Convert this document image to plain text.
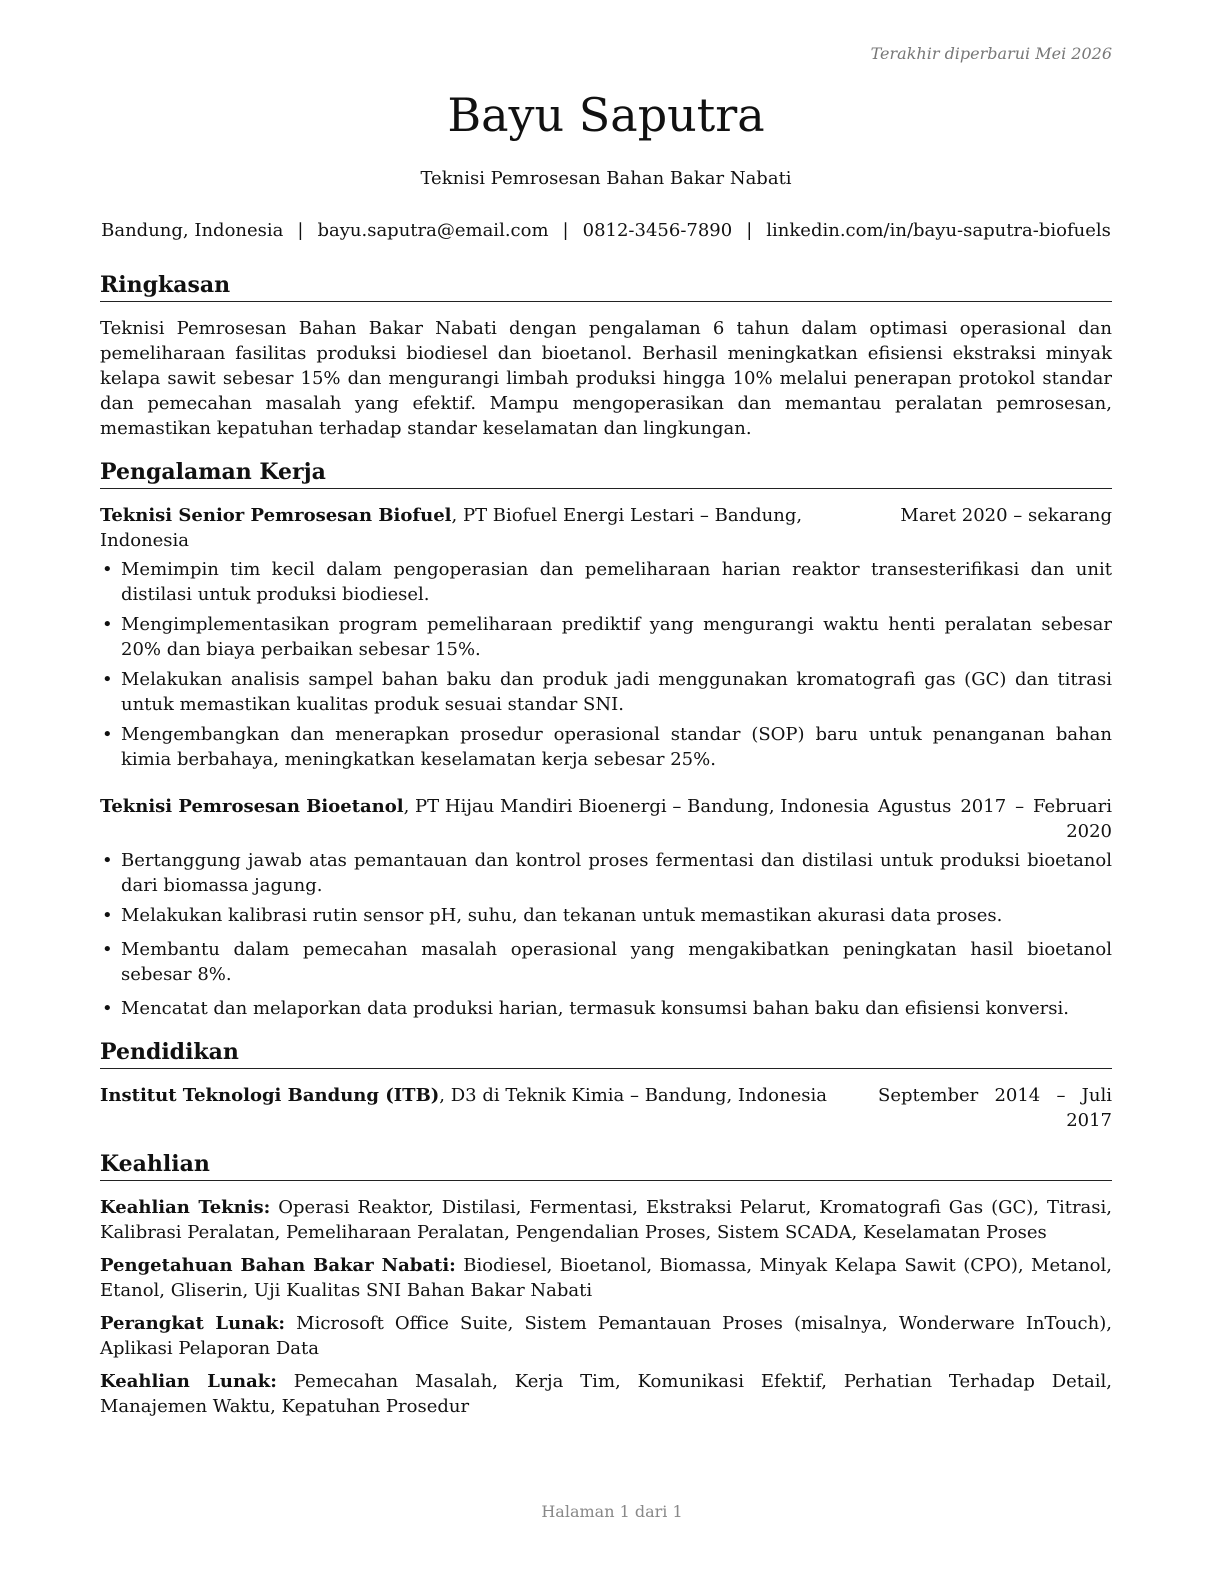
Terakhir diperbarui Mei 2026
Bayu Saputra
Teknisi Pemrosesan Bahan Bakar Nabati
Bandung, Indonesia | bayu.saputra@email.com | 0812-3456-7890 | linkedin.com/in/bayu-saputra-biofuels
Ringkasan

Teknisi Pemrosesan Bahan Bakar Nabati dengan pengalaman 6 tahun dalam optimasi operasional dan pemeliharaan fasilitas produksi biodiesel dan bioetanol. Berhasil meningkatkan efisiensi ekstraksi minyak kelapa sawit sebesar 15% dan mengurangi limbah produksi hingga 10% melalui penerapan protokol standar dan pemecahan masalah yang efektif. Mampu mengoperasikan dan memantau peralatan pemrosesan, memastikan kepatuhan terhadap standar keselamatan dan lingkungan.

Pengalaman Kerja
Teknisi Senior Pemrosesan Biofuel, PT Biofuel Energi Lestari – Bandung, Indonesia
Maret 2020 – sekarang
• Memimpin tim kecil dalam pengoperasian dan pemeliharaan harian reaktor transesterifikasi dan unit distilasi untuk produksi biodiesel.
• Mengimplementasikan program pemeliharaan prediktif yang mengurangi waktu henti peralatan sebesar 20% dan biaya perbaikan sebesar 15%.
• Melakukan analisis sampel bahan baku dan produk jadi menggunakan kromatografi gas (GC) dan titrasi untuk memastikan kualitas produk sesuai standar SNI.
• Mengembangkan dan menerapkan prosedur operasional standar (SOP) baru untuk penanganan bahan kimia berbahaya, meningkatkan keselamatan kerja sebesar 25%.
Teknisi Pemrosesan Bioetanol, PT Hijau Mandiri Bioenergi – Bandung, Indonesia Agustus 2017 – Februari 2020
• Bertanggung jawab atas pemantauan dan kontrol proses fermentasi dan distilasi untuk produksi bioetanol dari biomassa jagung.
• Melakukan kalibrasi rutin sensor pH, suhu, dan tekanan untuk memastikan akurasi data proses.
• Membantu dalam pemecahan masalah operasional yang mengakibatkan peningkatan hasil bioetanol sebesar 8%.
• Mencatat dan melaporkan data produksi harian, termasuk konsumsi bahan baku dan efisiensi konversi.
Pendidikan
Institut Teknologi Bandung (ITB), D3 di Teknik Kimia – Bandung, Indonesia	September 2014 – Juli 2017
Keahlian
Keahlian Teknis: Operasi Reaktor, Distilasi, Fermentasi, Ekstraksi Pelarut, Kromatografi Gas (GC), Titrasi, Kalibrasi Peralatan, Pemeliharaan Peralatan, Pengendalian Proses, Sistem SCADA, Keselamatan Proses
Pengetahuan Bahan Bakar Nabati: Biodiesel, Bioetanol, Biomassa, Minyak Kelapa Sawit (CPO), Metanol, Etanol, Gliserin, Uji Kualitas SNI Bahan Bakar Nabati
Perangkat Lunak: Microsoft Office Suite, Sistem Pemantauan Proses (misalnya, Wonderware InTouch), Aplikasi Pelaporan Data
Keahlian Lunak: Pemecahan Masalah, Kerja Tim, Komunikasi Efektif, Perhatian Terhadap Detail, Manajemen Waktu, Kepatuhan Prosedur
Halaman 1 dari 1
